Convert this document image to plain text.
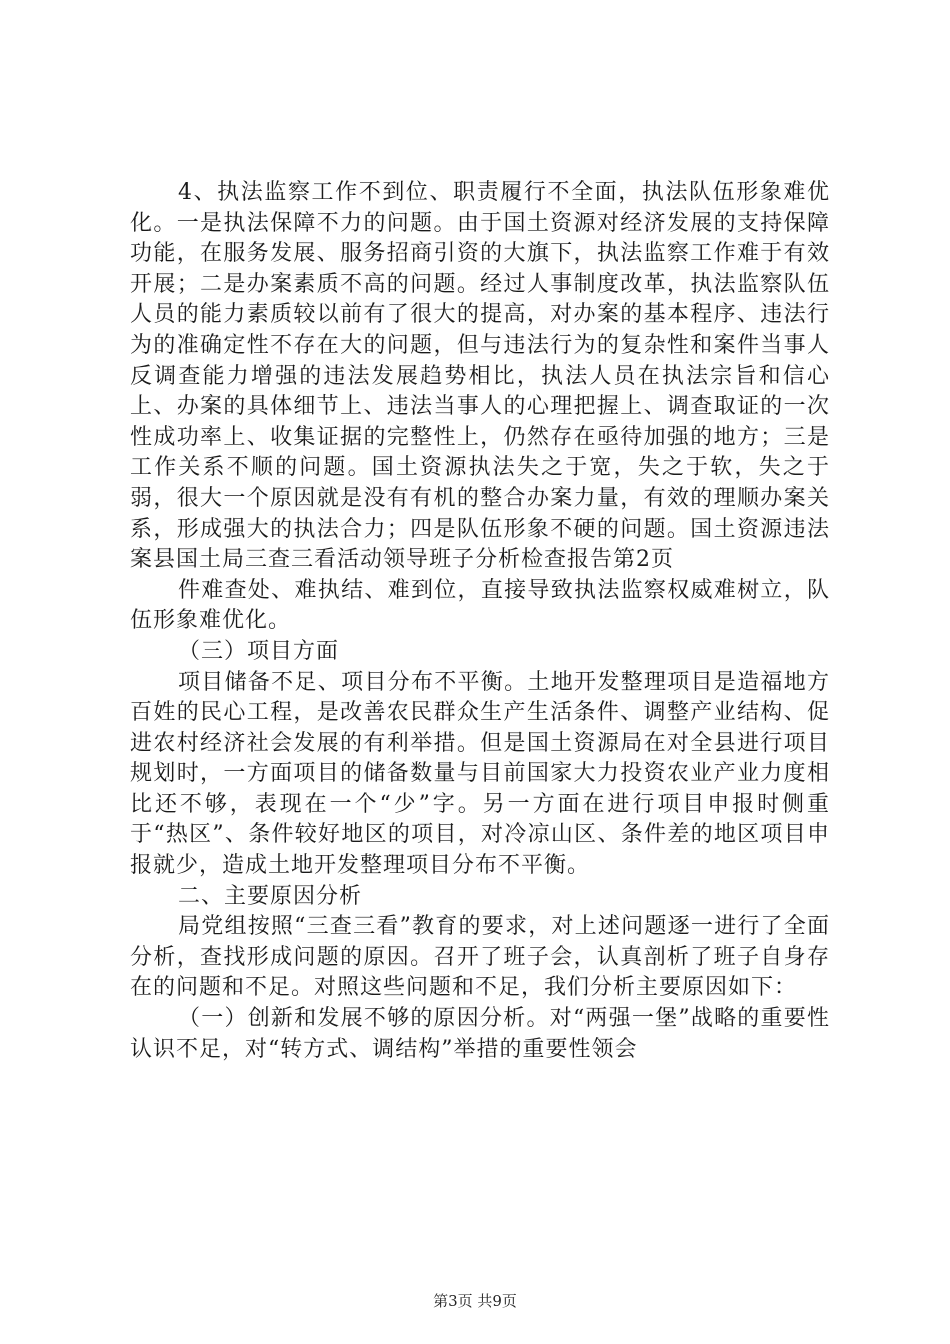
4、执法监察工作不到位、职责履行不全面，执法队伍形象难优化。一是执法保障不力的问题。由于国土资源对经济发展的支持保障功能，在服务发展、服务招商引资的大旗下，执法监察工作难于有效开展；二是办案素质不高的问题。经过人事制度改革，执法监察队伍人员的能力素质较以前有了很大的提高，对办案的基本程序、违法行为的准确定性不存在大的问题，但与违法行为的复杂性和案件当事人反调查能力增强的违法发展趋势相比，执法人员在执法宗旨和信心上、办案的具体细节上、违法当事人的心理把握上、调查取证的一次性成功率上、收集证据的完整性上，仍然存在亟待加强的地方；三是工作关系不顺的问题。国土资源执法失之于宽，失之于软，失之于弱，很大一个原因就是没有有机的整合办案力量，有效的理顺办案关系，形成强大的执法合力；四是队伍形象不硬的问题。国土资源违法案县国土局三查三看活动领导班子分析检查报告第2页

件难查处、难执结、难到位，直接导致执法监察权威难树立，队伍形象难优化。

（三）项目方面

项目储备不足、项目分布不平衡。土地开发整理项目是造福地方百姓的民心工程，是改善农民群众生产生活条件、调整产业结构、促进农村经济社会发展的有利举措。但是国土资源局在对全县进行项目规划时，一方面项目的储备数量与目前国家大力投资农业产业力度相比还不够，表现在一个“少”字。另一方面在进行项目申报时侧重于“热区”、条件较好地区的项目，对冷凉山区、条件差的地区项目申报就少，造成土地开发整理项目分布不平衡。

二、主要原因分析

局党组按照“三查三看”教育的要求，对上述问题逐一进行了全面分析，查找形成问题的原因。召开了班子会，认真剖析了班子自身存在的问题和不足。对照这些问题和不足，我们分析主要原因如下：

（一）创新和发展不够的原因分析。对“两强一堡”战略的重要性认识不足，对“转方式、调结构”举措的重要性领会

第3页 共9页
